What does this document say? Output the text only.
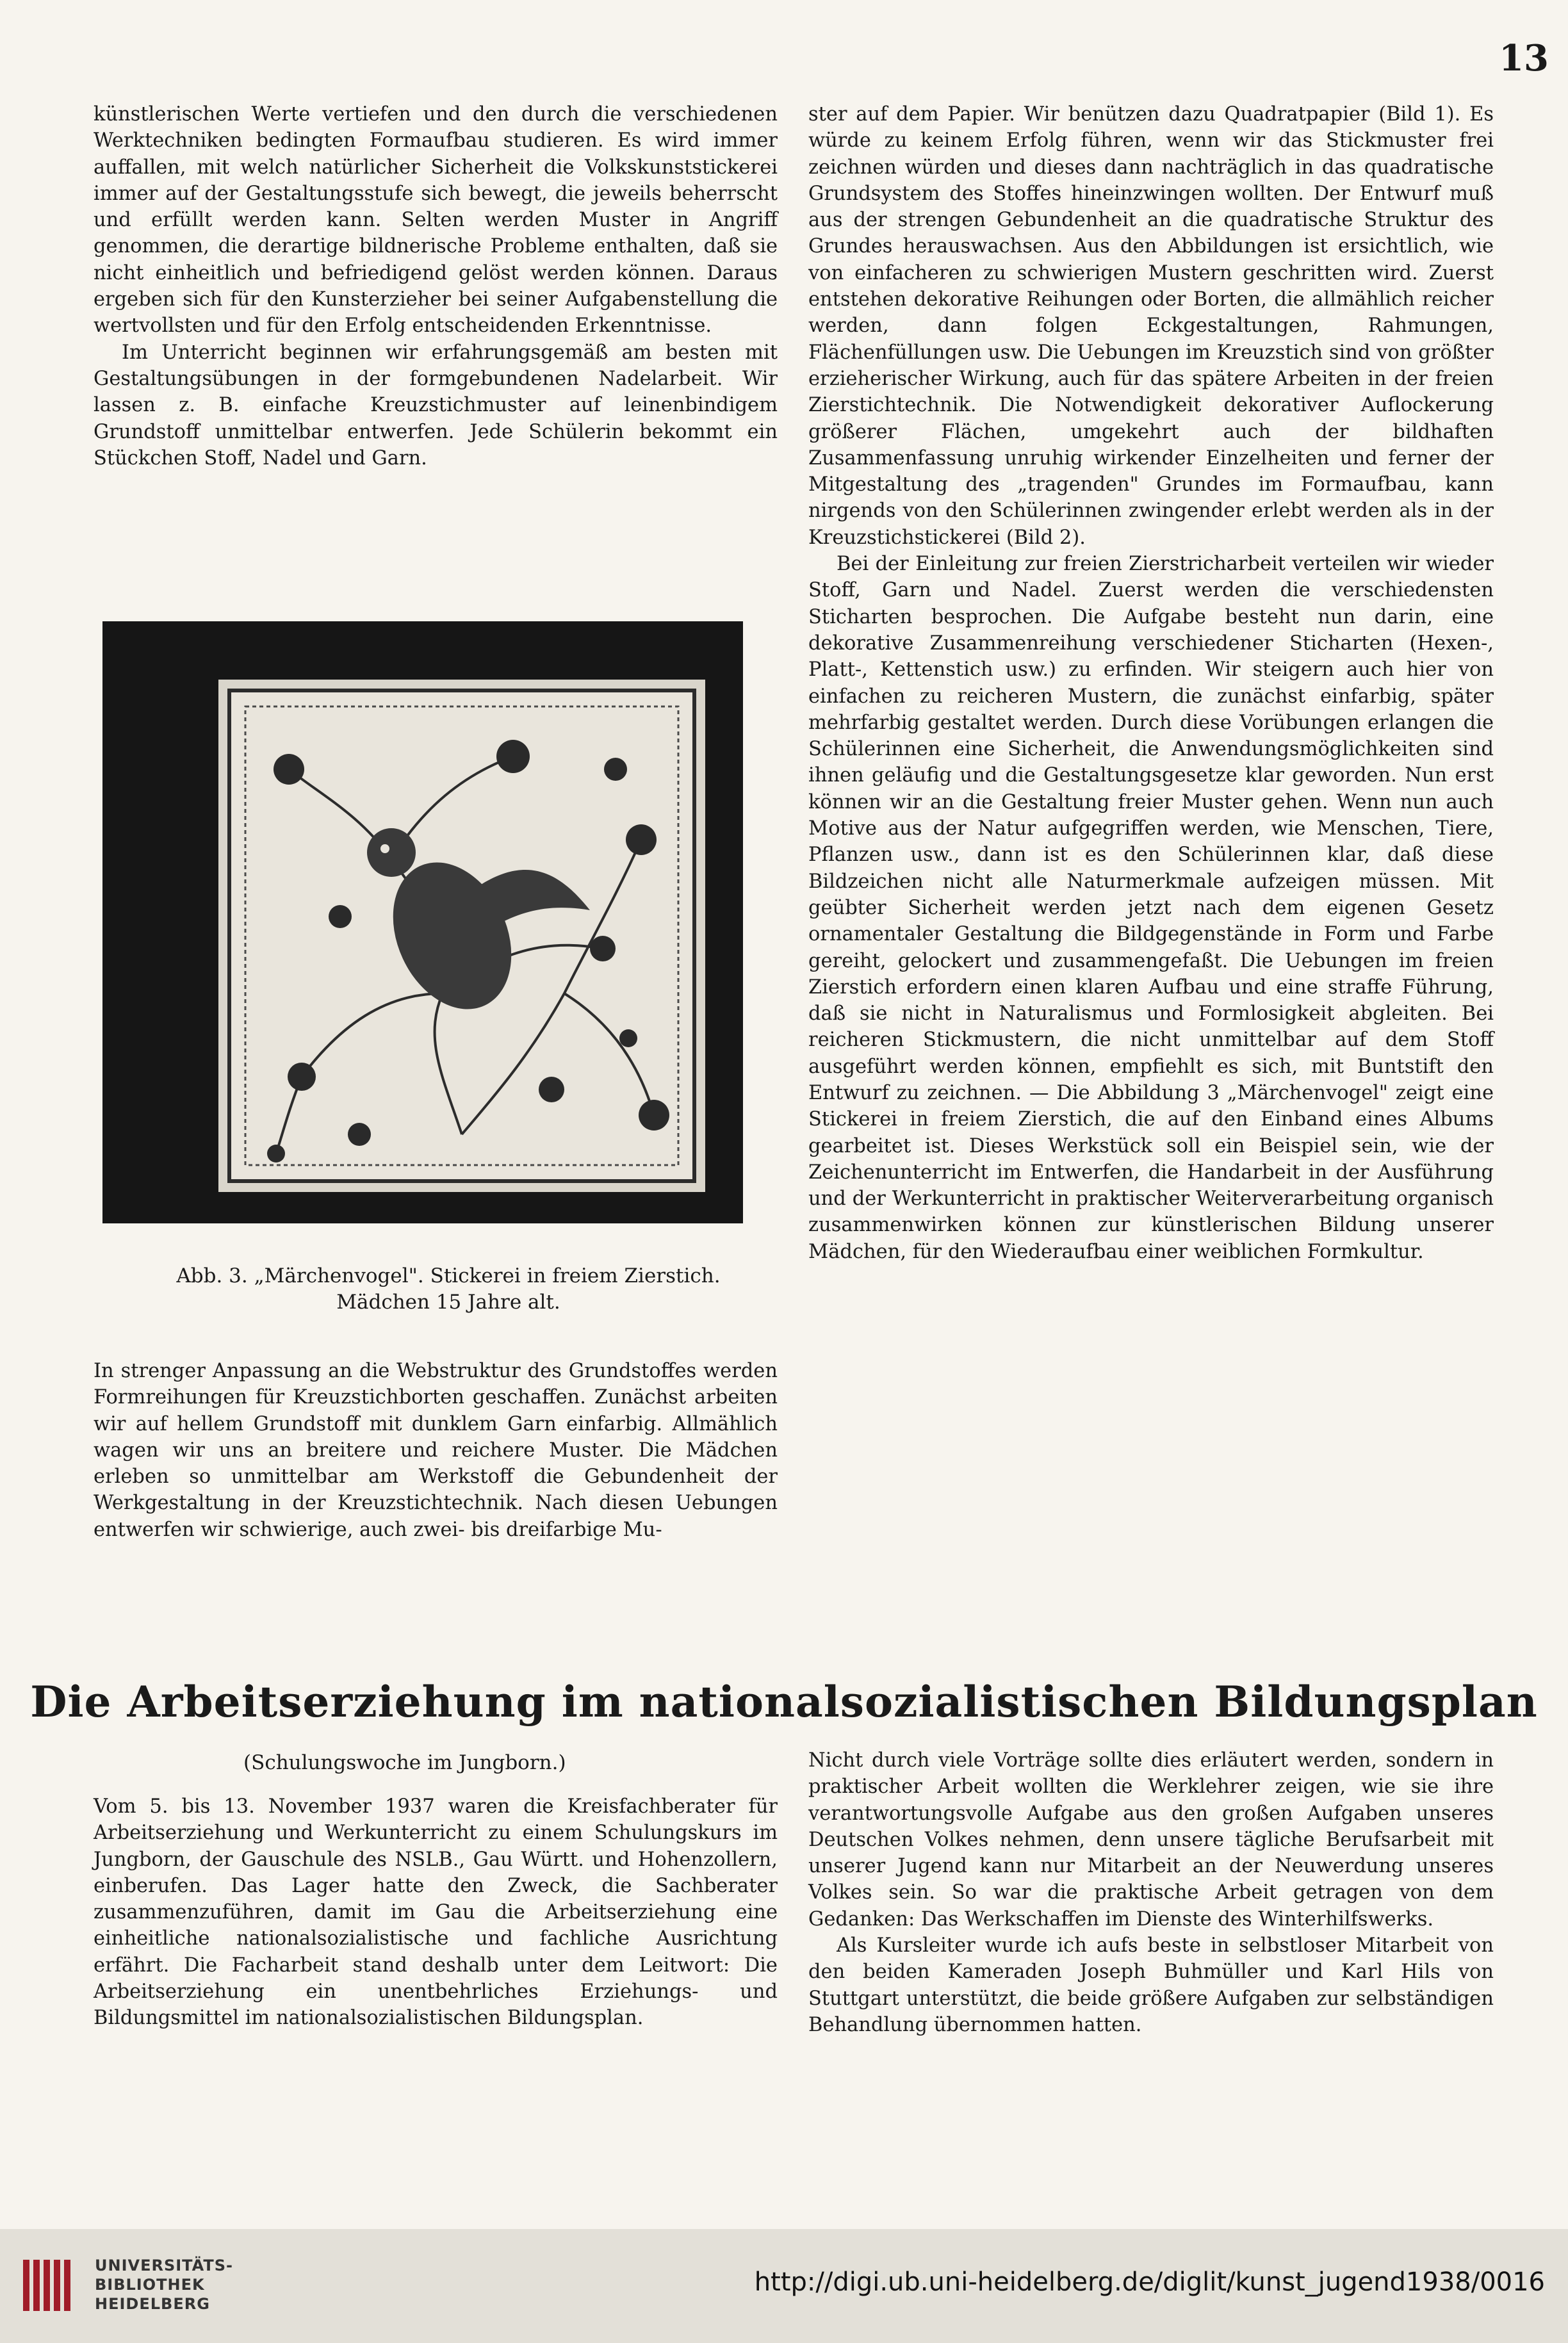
13

künstlerischen Werte vertiefen und den durch die verschiedenen Werktechniken bedingten Formaufbau studieren. Es wird immer auffallen, mit welch natürlicher Sicherheit die Volkskunststickerei immer auf der Gestaltungsstufe sich bewegt, die jeweils beherrscht und erfüllt werden kann. Selten werden Muster in Angriff genommen, die derartige bildnerische Probleme enthalten, daß sie nicht einheitlich und befriedigend gelöst werden können. Daraus ergeben sich für den Kunsterzieher bei seiner Aufgabenstellung die wertvollsten und für den Erfolg entscheidenden Erkenntnisse.

Im Unterricht beginnen wir erfahrungsgemäß am besten mit Gestaltungsübungen in der formgebundenen Nadelarbeit. Wir lassen z. B. einfache Kreuzstichmuster auf leinenbindigem Grundstoff unmittelbar entwerfen. Jede Schülerin bekommt ein Stückchen Stoff, Nadel und Garn.

Abb. 3. „Märchenvogel". Stickerei in freiem Zierstich.
Mädchen 15 Jahre alt.

In strenger Anpassung an die Webstruktur des Grundstoffes werden Formreihungen für Kreuzstichborten geschaffen. Zunächst arbeiten wir auf hellem Grundstoff mit dunklem Garn einfarbig. Allmählich wagen wir uns an breitere und reichere Muster. Die Mädchen erleben so unmittelbar am Werkstoff die Gebundenheit der Werkgestaltung in der Kreuzstichtechnik. Nach diesen Uebungen entwerfen wir schwierige, auch zwei- bis dreifarbige Mu-

ster auf dem Papier. Wir benützen dazu Quadratpapier (Bild 1). Es würde zu keinem Erfolg führen, wenn wir das Stickmuster frei zeichnen würden und dieses dann nachträglich in das quadratische Grundsystem des Stoffes hineinzwingen wollten. Der Entwurf muß aus der strengen Gebundenheit an die quadratische Struktur des Grundes herauswachsen. Aus den Abbildungen ist ersichtlich, wie von einfacheren zu schwierigen Mustern geschritten wird. Zuerst entstehen dekorative Reihungen oder Borten, die allmählich reicher werden, dann folgen Eckgestaltungen, Rahmungen, Flächenfüllungen usw. Die Uebungen im Kreuzstich sind von größter erzieherischer Wirkung, auch für das spätere Arbeiten in der freien Zierstichtechnik. Die Notwendigkeit dekorativer Auflockerung größerer Flächen, umgekehrt auch der bildhaften Zusammenfassung unruhig wirkender Einzelheiten und ferner der Mitgestaltung des „tragenden" Grundes im Formaufbau, kann nirgends von den Schülerinnen zwingender erlebt werden als in der Kreuzstichstickerei (Bild 2).

Bei der Einleitung zur freien Zierstricharbeit verteilen wir wieder Stoff, Garn und Nadel. Zuerst werden die verschiedensten Sticharten besprochen. Die Aufgabe besteht nun darin, eine dekorative Zusammenreihung verschiedener Sticharten (Hexen-, Platt-, Kettenstich usw.) zu erfinden. Wir steigern auch hier von einfachen zu reicheren Mustern, die zunächst einfarbig, später mehrfarbig gestaltet werden. Durch diese Vorübungen erlangen die Schülerinnen eine Sicherheit, die Anwendungsmöglichkeiten sind ihnen geläufig und die Gestaltungsgesetze klar geworden. Nun erst können wir an die Gestaltung freier Muster gehen. Wenn nun auch Motive aus der Natur aufgegriffen werden, wie Menschen, Tiere, Pflanzen usw., dann ist es den Schülerinnen klar, daß diese Bildzeichen nicht alle Naturmerkmale aufzeigen müssen. Mit geübter Sicherheit werden jetzt nach dem eigenen Gesetz ornamentaler Gestaltung die Bildgegenstände in Form und Farbe gereiht, gelockert und zusammengefaßt. Die Uebungen im freien Zierstich erfordern einen klaren Aufbau und eine straffe Führung, daß sie nicht in Naturalismus und Formlosigkeit abgleiten. Bei reicheren Stickmustern, die nicht unmittelbar auf dem Stoff ausgeführt werden können, empfiehlt es sich, mit Buntstift den Entwurf zu zeichnen. — Die Abbildung 3 „Märchenvogel" zeigt eine Stickerei in freiem Zierstich, die auf den Einband eines Albums gearbeitet ist. Dieses Werkstück soll ein Beispiel sein, wie der Zeichenunterricht im Entwerfen, die Handarbeit in der Ausführung und der Werkunterricht in praktischer Weiterverarbeitung organisch zusammenwirken können zur künstlerischen Bildung unserer Mädchen, für den Wiederaufbau einer weiblichen Formkultur.

Die Arbeitserziehung im nationalsozialistischen Bildungsplan
(Schulungswoche im Jungborn.)

Vom 5. bis 13. November 1937 waren die Kreisfachberater für Arbeitserziehung und Werkunterricht zu einem Schulungskurs im Jungborn, der Gauschule des NSLB., Gau Württ. und Hohenzollern, einberufen. Das Lager hatte den Zweck, die Sachberater zusammenzuführen, damit im Gau die Arbeitserziehung eine einheitliche nationalsozialistische und fachliche Ausrichtung erfährt. Die Facharbeit stand deshalb unter dem Leitwort: Die Arbeitserziehung ein unentbehrliches Erziehungs- und Bildungsmittel im nationalsozialistischen Bildungsplan.

Nicht durch viele Vorträge sollte dies erläutert werden, sondern in praktischer Arbeit wollten die Werklehrer zeigen, wie sie ihre verantwortungsvolle Aufgabe aus den großen Aufgaben unseres Deutschen Volkes nehmen, denn unsere tägliche Berufsarbeit mit unserer Jugend kann nur Mitarbeit an der Neuwerdung unseres Volkes sein. So war die praktische Arbeit getragen von dem Gedanken: Das Werkschaffen im Dienste des Winterhilfswerks.

Als Kursleiter wurde ich aufs beste in selbstloser Mitarbeit von den beiden Kameraden Joseph Buhmüller und Karl Hils von Stuttgart unterstützt, die beide größere Aufgaben zur selbständigen Behandlung übernommen hatten.

UNIVERSITÄTS-
BIBLIOTHEK
HEIDELBERG
http://digi.ub.uni-heidelberg.de/diglit/kunst_jugend1938/0016
